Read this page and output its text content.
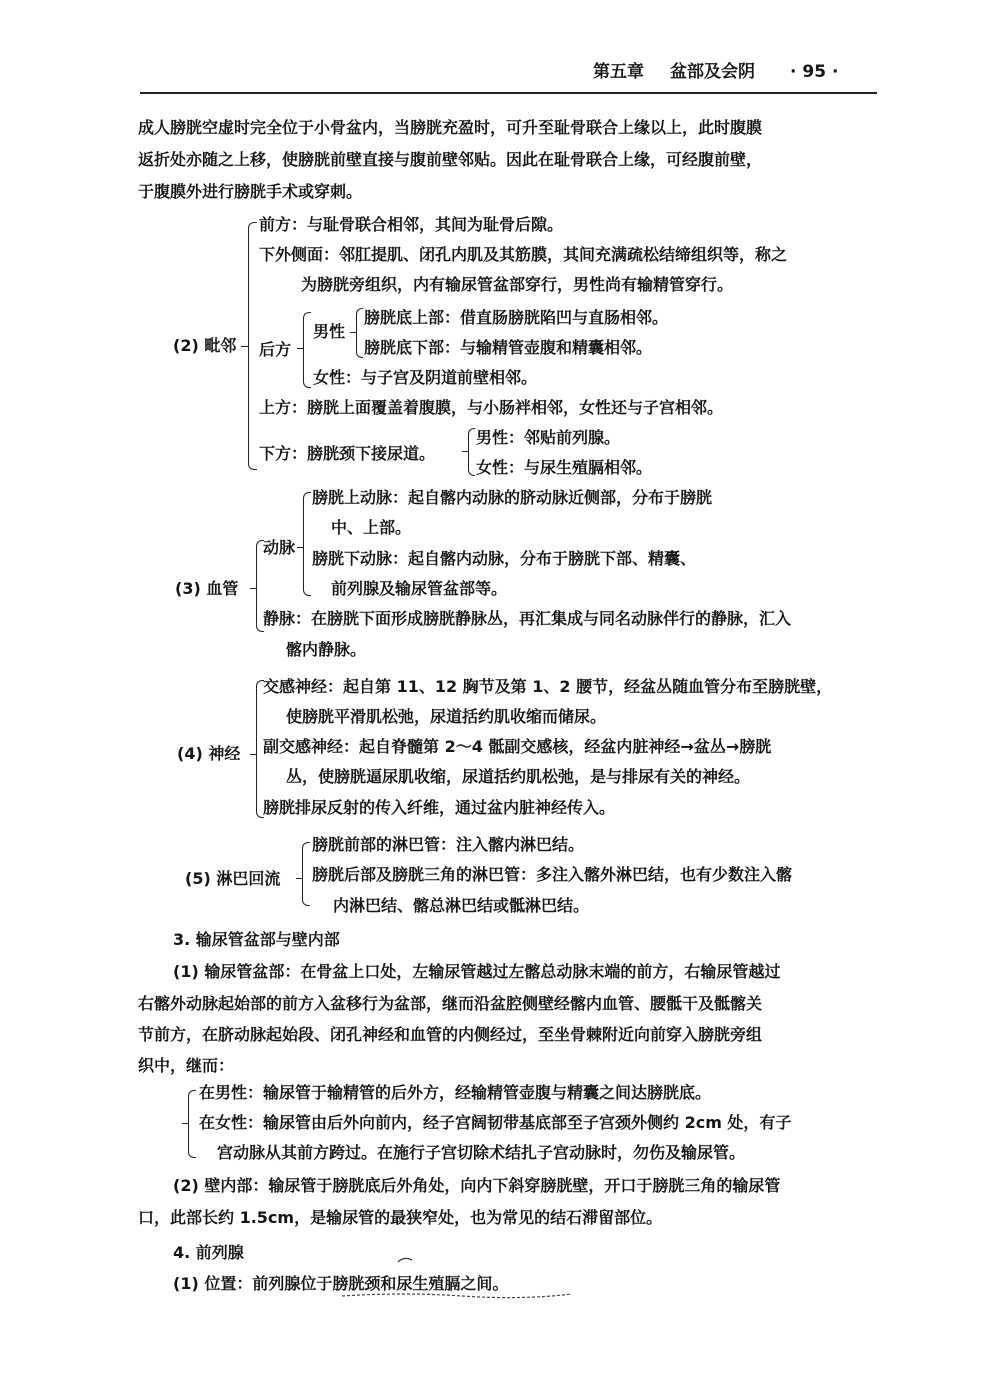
第五章 盆部及会阴 · 95 ·
成人膀胱空虚时完全位于小骨盆内，当膀胱充盈时，可升至耻骨联合上缘以上，此时腹膜
返折处亦随之上移，使膀胱前壁直接与腹前壁邻贴。因此在耻骨联合上缘，可经腹前壁，
于腹膜外进行膀胱手术或穿刺。
(2) 毗邻
前方：与耻骨联合相邻，其间为耻骨后隙。
下外侧面：邻肛提肌、闭孔内肌及其筋膜，其间充满疏松结缔组织等，称之
为膀胱旁组织，内有输尿管盆部穿行，男性尚有输精管穿行。
后方
男性
膀胱底上部：借直肠膀胱陷凹与直肠相邻。
膀胱底下部：与输精管壶腹和精囊相邻。
女性：与子宫及阴道前壁相邻。
上方：膀胱上面覆盖着腹膜，与小肠袢相邻，女性还与子宫相邻。
下方：膀胱颈下接尿道。
男性：邻贴前列腺。
女性：与尿生殖膈相邻。
(3) 血管
动脉
膀胱上动脉：起自髂内动脉的脐动脉近侧部，分布于膀胱
中、上部。
膀胱下动脉：起自髂内动脉，分布于膀胱下部、精囊、
前列腺及输尿管盆部等。
静脉：在膀胱下面形成膀胱静脉丛，再汇集成与同名动脉伴行的静脉，汇入
髂内静脉。
(4) 神经
交感神经：起自第 11、12 胸节及第 1、2 腰节，经盆丛随血管分布至膀胱壁，
使膀胱平滑肌松弛，尿道括约肌收缩而储尿。
副交感神经：起自脊髓第 2～4 骶副交感核，经盆内脏神经→盆丛→膀胱
丛，使膀胱逼尿肌收缩，尿道括约肌松弛，是与排尿有关的神经。
膀胱排尿反射的传入纤维，通过盆内脏神经传入。
(5) 淋巴回流
膀胱前部的淋巴管：注入髂内淋巴结。
膀胱后部及膀胱三角的淋巴管：多注入髂外淋巴结，也有少数注入髂
内淋巴结、髂总淋巴结或骶淋巴结。
3. 输尿管盆部与壁内部
(1) 输尿管盆部：在骨盆上口处，左输尿管越过左髂总动脉末端的前方，右输尿管越过
右髂外动脉起始部的前方入盆移行为盆部，继而沿盆腔侧壁经髂内血管、腰骶干及骶髂关
节前方，在脐动脉起始段、闭孔神经和血管的内侧经过，至坐骨棘附近向前穿入膀胱旁组
织中，继而：
在男性：输尿管于输精管的后外方，经输精管壶腹与精囊之间达膀胱底。
在女性：输尿管由后外向前内，经子宫阔韧带基底部至子宫颈外侧约 2cm 处，有子
宫动脉从其前方跨过。在施行子宫切除术结扎子宫动脉时，勿伤及输尿管。
(2) 壁内部：输尿管于膀胱底后外角处，向内下斜穿膀胱壁，开口于膀胱三角的输尿管
口，此部长约 1.5cm，是输尿管的最狭窄处，也为常见的结石滞留部位。
4. 前列腺
(1) 位置：前列腺位于膀胱颈和尿生殖膈之间。
